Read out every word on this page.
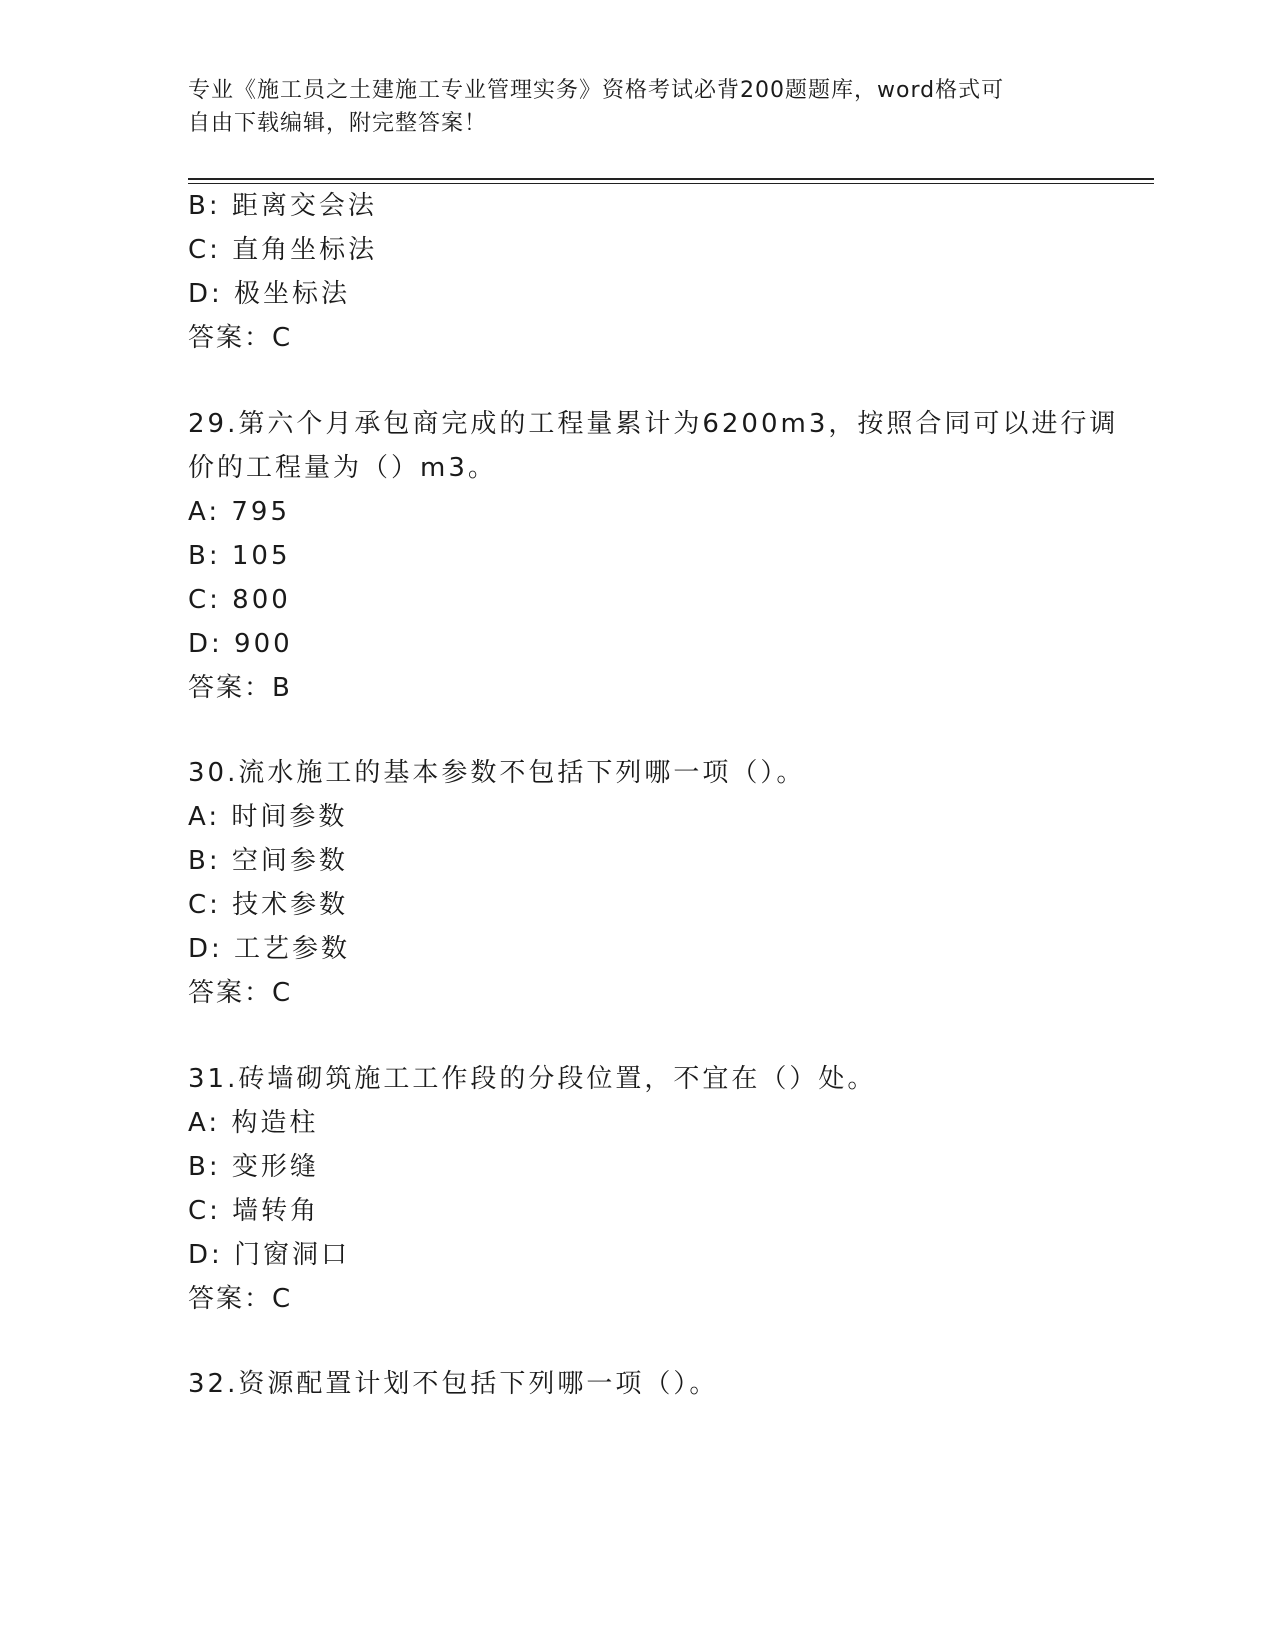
专业《施工员之土建施工专业管理实务》资格考试必背200题题库，word格式可
自由下载编辑，附完整答案！
B: 距离交会法
C: 直角坐标法
D: 极坐标法
答案：C
29.第六个月承包商完成的工程量累计为6200m3，按照合同可以进行调
价的工程量为（）m3。
A: 795
B: 105
C: 800
D: 900
答案：B
30.流水施工的基本参数不包括下列哪一项（）。
A: 时间参数
B: 空间参数
C: 技术参数
D: 工艺参数
答案：C
31.砖墙砌筑施工工作段的分段位置，不宜在（）处。
A: 构造柱
B: 变形缝
C: 墙转角
D: 门窗洞口
答案：C
32.资源配置计划不包括下列哪一项（）。
